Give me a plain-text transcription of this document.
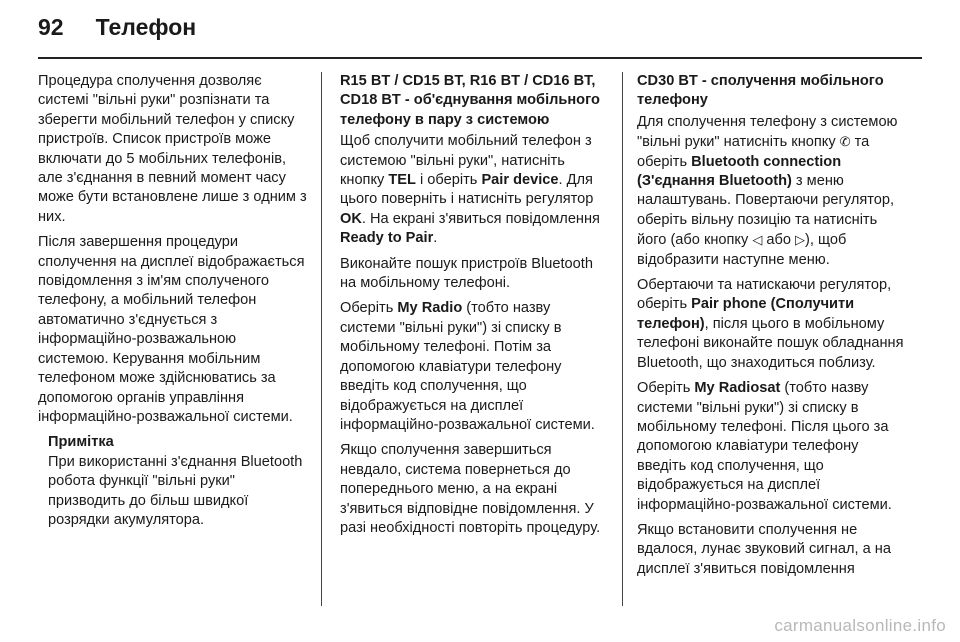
92 Телефон

Процедура сполучення дозволяє системі "вільні руки" розпізнати та зберегти мобільний телефон у списку пристроїв. Список пристроїв може включати до 5 мобільних телефонів, але з'єднання в певний момент часу може бути встановлене лише з одним з них.

Після завершення процедури сполучення на дисплеї відображається повідомлення з ім'ям сполученого телефону, а мобільний телефон автоматично з'єднується з інформаційно-розважальною системою. Керування мобільним телефоном може здійснюватись за допомогою органів управління інформаційно-розважальної системи.

Примітка

При використанні з'єднання Bluetooth робота функції "вільні руки" призводить до більш швидкої розрядки акумулятора.

R15 BT / CD15 BT, R16 BT / CD16 BT, CD18 BT - об'єднування мобільного телефону в пару з системою

Щоб сполучити мобільний телефон з системою "вільні руки", натисніть кнопку TEL і оберіть Pair device. Для цього поверніть і натисніть регулятор OK. На екрані з'явиться повідомлення Ready to Pair.

Виконайте пошук пристроїв Bluetooth на мобільному телефоні.

Оберіть My Radio (тобто назву системи "вільні руки") зі списку в мобільному телефоні. Потім за допомогою клавіатури телефону введіть код сполучення, що відображується на дисплеї інформаційно-розважальної системи.

Якщо сполучення завершиться невдало, система повернеться до попереднього меню, а на екрані з'явиться відповідне повідомлення. У разі необхідності повторіть процедуру.

CD30 BT - сполучення мобільного телефону

Для сполучення телефону з системою "вільні руки" натисніть кнопку ✆ та оберіть Bluetooth connection (З'єднання Bluetooth) з меню налаштувань. Повертаючи регулятор, оберіть вільну позицію та натисніть його (або кнопку ◁ або ▷), щоб відобразити наступне меню.

Обертаючи та натискаючи регулятор, оберіть Pair phone (Сполучити телефон), після цього в мобільному телефоні виконайте пошук обладнання Bluetooth, що знаходиться поблизу.

Оберіть My Radiosat (тобто назву системи "вільні руки") зі списку в мобільному телефоні. Після цього за допомогою клавіатури телефону введіть код сполучення, що відображується на дисплеї інформаційно-розважальної системи.

Якщо встановити сполучення не вдалося, лунає звуковий сигнал, а на дисплеї з'явиться повідомлення

carmanualsonline.info
